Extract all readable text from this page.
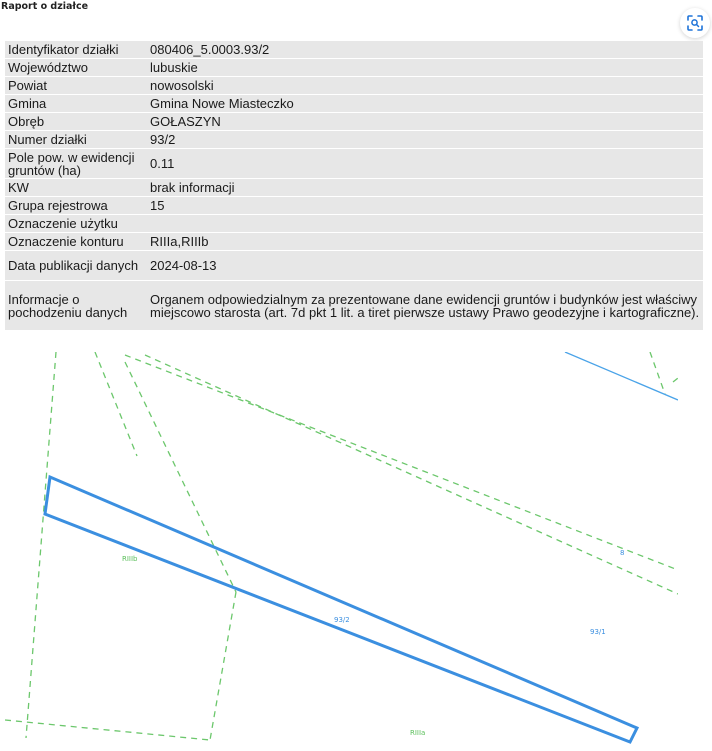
Raport o działce
Identyfikator działki	080406_5.0003.93/2
Województwo	lubuskie
Powiat	nowosolski
Gmina	Gmina Nowe Miasteczko
Obręb	GOŁASZYN
Numer działki	93/2
Pole pow. w ewidencji gruntów (ha)	0.11
KW	brak informacji
Grupa rejestrowa	15
Oznaczenie użytku	
Oznaczenie konturu	RIIIa,RIIIb
Data publikacji danych	2024-08-13
Informacje o pochodzeniu danych	Organem odpowiedzialnym za prezentowane dane ewidencji gruntów i budynków jest właściwy miejscowo starosta (art. 7d pkt 1 lit. a tiret pierwsze ustawy Prawo geodezyjne i kartograficzne).
RIIIb
93/2
93/1
RIIIa
8
